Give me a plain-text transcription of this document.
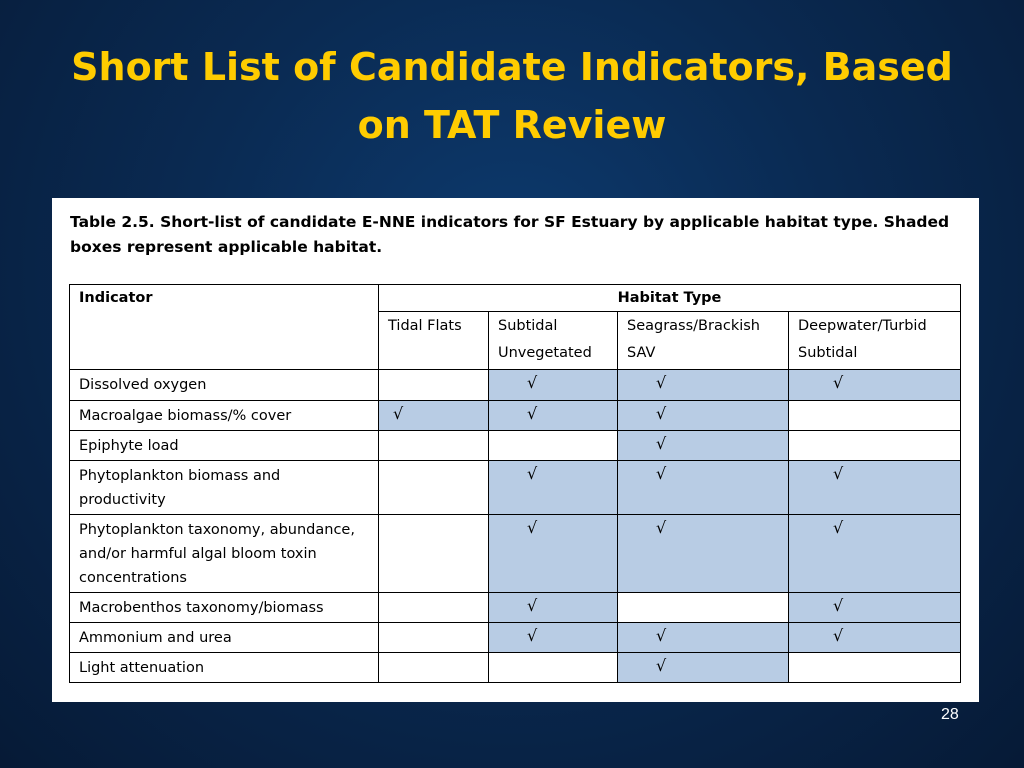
Short List of Candidate Indicators, Based on TAT Review
Table 2.5. Short-list of candidate E-NNE indicators for SF Estuary by applicable habitat type. Shaded boxes represent applicable habitat.
Indicator	Habitat Type			
	Tidal Flats	Subtidal Unvegetated	Seagrass/Brackish SAV	Deepwater/Turbid Subtidal
Dissolved oxygen		√	√	√
Macroalgae biomass/% cover	√	√	√	
Epiphyte load			√	
Phytoplankton biomass and productivity		√	√	√
Phytoplankton taxonomy, abundance, and/or harmful algal bloom toxin concentrations		√	√	√
Macrobenthos taxonomy/biomass		√		√
Ammonium and urea		√	√	√
Light attenuation			√	
28
